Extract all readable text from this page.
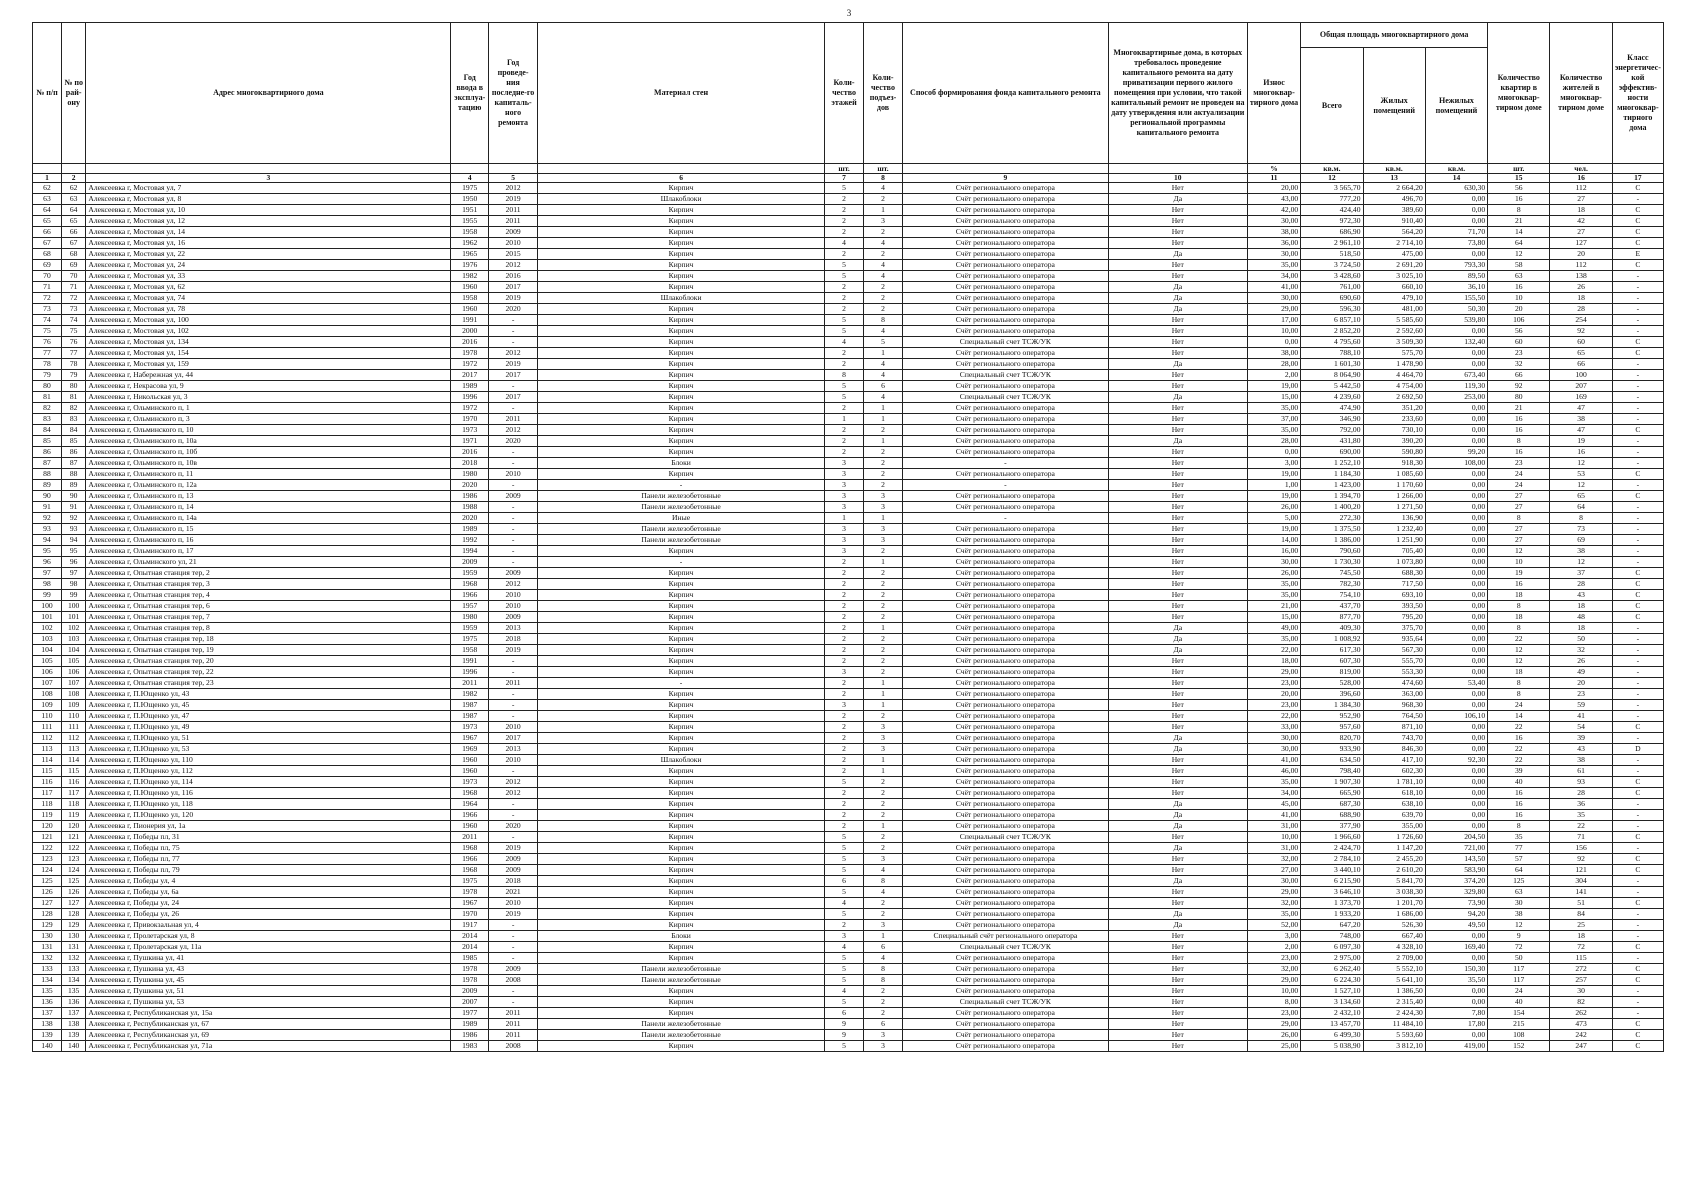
3
№ п/п	№ по рай-ону	Адрес многоквартирного дома	Год ввода в эксплуа-тацию	Год проведе-ния последне-го капиталь-ного ремонта	Материал стен	Коли-чество этажей	Коли-чество подъез-дов	Способ формирования фонда капитального ремонта	Многоквартирные дома, в которых требовалось проведение капитального ремонта на дату приватизации первого жилого помещения при условии, что такой капитальный ремонт не проведен на дату утверждения или актуализации региональной программы капитального ремонта	Износ многоквар-тирного дома	Общая площадь многоквартирного дома			Количество квартир в многоквар-тирном доме	Количество жителей в многоквар-тирном доме	Класс энергетичес-кой эффектив-ности многоквар-тирного дома
											Всего	Жилых помещений	Нежилых помещений			
						шт.	шт.			%	кв.м.	кв.м.	кв.м.	шт.	чел.	
1	2	3	4	5	6	7	8	9	10	11	12	13	14	15	16	17
62	62	Алексеевка г, Мостовая ул, 7	1975	2012	Кирпич	5	4	Счёт регионального оператора	Нет	20,00	3 565,70	2 664,20	630,30	56	112	С
63	63	Алексеевка г, Мостовая ул, 8	1950	2019	Шлакоблоки	2	2	Счёт регионального оператора	Да	43,00	777,20	496,70	0,00	16	27	-
64	64	Алексеевка г, Мостовая ул, 10	1951	2011	Кирпич	2	1	Счёт регионального оператора	Нет	42,00	424,40	389,60	0,00	8	18	С
65	65	Алексеевка г, Мостовая ул, 12	1955	2011	Кирпич	2	3	Счёт регионального оператора	Нет	30,00	972,30	910,40	0,00	21	42	С
66	66	Алексеевка г, Мостовая ул, 14	1958	2009	Кирпич	2	2	Счёт регионального оператора	Нет	38,00	686,90	564,20	71,70	14	27	С
67	67	Алексеевка г, Мостовая ул, 16	1962	2010	Кирпич	4	4	Счёт регионального оператора	Нет	36,00	2 961,10	2 714,10	73,80	64	127	С
68	68	Алексеевка г, Мостовая ул, 22	1965	2015	Кирпич	2	2	Счёт регионального оператора	Да	30,00	518,50	475,00	0,00	12	20	Е
69	69	Алексеевка г, Мостовая ул, 24	1976	2012	Кирпич	5	4	Счёт регионального оператора	Нет	35,00	3 724,50	2 691,20	793,30	58	112	С
70	70	Алексеевка г, Мостовая ул, 33	1982	2016	Кирпич	5	4	Счёт регионального оператора	Нет	34,00	3 428,60	3 025,10	89,50	63	138	-
71	71	Алексеевка г, Мостовая ул, 62	1960	2017	Кирпич	2	2	Счёт регионального оператора	Да	41,00	761,00	660,10	36,10	16	26	-
72	72	Алексеевка г, Мостовая ул, 74	1958	2019	Шлакоблоки	2	2	Счёт регионального оператора	Да	30,00	690,60	479,10	155,50	10	18	-
73	73	Алексеевка г, Мостовая ул, 78	1960	2020	Кирпич	2	2	Счёт регионального оператора	Да	29,00	596,30	481,00	50,30	20	28	-
74	74	Алексеевка г, Мостовая ул, 100	1991	-	Кирпич	5	8	Счёт регионального оператора	Нет	17,00	6 857,10	5 585,60	539,80	106	254	-
75	75	Алексеевка г, Мостовая ул, 102	2000	-	Кирпич	5	4	Счёт регионального оператора	Нет	10,00	2 852,20	2 592,60	0,00	56	92	-
76	76	Алексеевка г, Мостовая ул, 134	2016	-	Кирпич	4	5	Специальный счет ТСЖ/УК	Нет	0,00	4 795,60	3 509,30	132,40	60	60	С
77	77	Алексеевка г, Мостовая ул, 154	1978	2012	Кирпич	2	1	Счёт регионального оператора	Нет	38,00	788,10	575,70	0,00	23	65	С
78	78	Алексеевка г, Мостовая ул, 159	1972	2019	Кирпич	2	4	Счёт регионального оператора	Да	28,00	1 601,30	1 478,90	0,00	32	66	-
79	79	Алексеевка г, Набережная ул, 44	2017	2017	Кирпич	8	4	Специальный счет ТСЖ/УК	Нет	2,00	8 064,90	4 464,70	673,40	66	100	-
80	80	Алексеевка г, Некрасова ул, 9	1989	-	Кирпич	5	6	Счёт регионального оператора	Нет	19,00	5 442,50	4 754,00	119,30	92	207	-
81	81	Алексеевка г, Никольская ул, 3	1996	2017	Кирпич	5	4	Специальный счет ТСЖ/УК	Да	15,00	4 239,60	2 692,50	253,00	80	169	-
82	82	Алексеевка г, Ольминского п, 1	1972	-	Кирпич	2	1	Счёт регионального оператора	Нет	35,00	474,90	351,20	0,00	21	47	-
83	83	Алексеевка г, Ольминского п, 3	1970	2011	Кирпич	1	1	Счёт регионального оператора	Нет	37,00	346,90	233,60	0,00	16	38	-
84	84	Алексеевка г, Ольминского п, 10	1973	2012	Кирпич	2	2	Счёт регионального оператора	Нет	35,00	792,00	730,10	0,00	16	47	С
85	85	Алексеевка г, Ольминского п, 10а	1971	2020	Кирпич	2	1	Счёт регионального оператора	Да	28,00	431,80	390,20	0,00	8	19	-
86	86	Алексеевка г, Ольминского п, 10б	2016	-	Кирпич	2	2	Счёт регионального оператора	Нет	0,00	690,00	590,80	99,20	16	16	-
87	87	Алексеевка г, Ольминского п, 10в	2018	-	Блоки	3	2	-	Нет	3,00	1 252,10	918,30	108,00	23	12	-
88	88	Алексеевка г, Ольминского п, 11	1980	2010	Кирпич	3	2	Счёт регионального оператора	Нет	19,00	1 184,30	1 085,60	0,00	24	53	С
89	89	Алексеевка г, Ольминского п, 12а	2020	-	-	3	2	-	Нет	1,00	1 423,00	1 170,60	0,00	24	12	-
90	90	Алексеевка г, Ольминского п, 13	1986	2009	Панели железобетонные	3	3	Счёт регионального оператора	Нет	19,00	1 394,70	1 266,00	0,00	27	65	С
91	91	Алексеевка г, Ольминского п, 14	1988	-	Панели железобетонные	3	3	Счёт регионального оператора	Нет	26,00	1 400,20	1 271,50	0,00	27	64	-
92	92	Алексеевка г, Ольминского п, 14а	2020	-	Иные	1	1	-	Нет	5,00	272,30	136,90	0,00	8	8	-
93	93	Алексеевка г, Ольминского п, 15	1989	-	Панели железобетонные	3	3	Счёт регионального оператора	Нет	19,00	1 375,50	1 232,40	0,00	27	73	-
94	94	Алексеевка г, Ольминского п, 16	1992	-	Панели железобетонные	3	3	Счёт регионального оператора	Нет	14,00	1 386,00	1 251,90	0,00	27	69	-
95	95	Алексеевка г, Ольминского п, 17	1994	-	Кирпич	3	2	Счёт регионального оператора	Нет	16,00	790,60	705,40	0,00	12	38	-
96	96	Алексеевка г, Ольминского ул, 21	2009	-	-	2	1	Счёт регионального оператора	Нет	30,00	1 730,30	1 073,80	0,00	10	12	-
97	97	Алексеевка г, Опытная станция тер, 2	1959	2009	Кирпич	2	2	Счёт регионального оператора	Нет	26,00	745,50	688,30	0,00	19	37	С
98	98	Алексеевка г, Опытная станция тер, 3	1968	2012	Кирпич	2	2	Счёт регионального оператора	Нет	35,00	782,30	717,50	0,00	16	28	С
99	99	Алексеевка г, Опытная станция тер, 4	1966	2010	Кирпич	2	2	Счёт регионального оператора	Нет	35,00	754,10	693,10	0,00	18	43	С
100	100	Алексеевка г, Опытная станция тер, 6	1957	2010	Кирпич	2	2	Счёт регионального оператора	Нет	21,00	437,70	393,50	0,00	8	18	С
101	101	Алексеевка г, Опытная станция тер, 7	1980	2009	Кирпич	2	2	Счёт регионального оператора	Нет	15,00	877,70	795,20	0,00	18	48	С
102	102	Алексеевка г, Опытная станция тер, 8	1959	2013	Кирпич	2	1	Счёт регионального оператора	Да	49,00	409,30	375,70	0,00	8	18	-
103	103	Алексеевка г, Опытная станция тер, 18	1975	2018	Кирпич	2	2	Счёт регионального оператора	Да	35,00	1 008,92	935,64	0,00	22	50	-
104	104	Алексеевка г, Опытная станция тер, 19	1958	2019	Кирпич	2	2	Счёт регионального оператора	Да	22,00	617,30	567,30	0,00	12	32	-
105	105	Алексеевка г, Опытная станция тер, 20	1991	-	Кирпич	2	2	Счёт регионального оператора	Нет	18,00	607,30	555,70	0,00	12	26	-
106	106	Алексеевка г, Опытная станция тер, 22	1996	-	Кирпич	3	2	Счёт регионального оператора	Нет	29,00	819,00	553,30	0,00	18	49	-
107	107	Алексеевка г, Опытная станция тер, 23	2011	2011	-	2	1	Счёт регионального оператора	Нет	23,00	528,00	474,60	53,40	8	20	-
108	108	Алексеевка г, П.Ющенко ул, 43	1982	-	Кирпич	2	1	Счёт регионального оператора	Нет	20,00	396,60	363,00	0,00	8	23	-
109	109	Алексеевка г, П.Ющенко ул, 45	1987	-	Кирпич	3	1	Счёт регионального оператора	Нет	23,00	1 384,30	968,30	0,00	24	59	-
110	110	Алексеевка г, П.Ющенко ул, 47	1987	-	Кирпич	2	2	Счёт регионального оператора	Нет	22,00	952,90	764,50	106,10	14	41	-
111	111	Алексеевка г, П.Ющенко ул, 49	1973	2010	Кирпич	2	3	Счёт регионального оператора	Нет	33,00	957,60	871,10	0,00	22	54	С
112	112	Алексеевка г, П.Ющенко ул, 51	1967	2017	Кирпич	2	3	Счёт регионального оператора	Да	30,00	820,70	743,70	0,00	16	39	-
113	113	Алексеевка г, П.Ющенко ул, 53	1969	2013	Кирпич	2	3	Счёт регионального оператора	Да	30,00	933,90	846,30	0,00	22	43	D
114	114	Алексеевка г, П.Ющенко ул, 110	1960	2010	Шлакоблоки	2	1	Счёт регионального оператора	Нет	41,00	634,50	417,10	92,30	22	38	-
115	115	Алексеевка г, П.Ющенко ул, 112	1960	-	Кирпич	2	1	Счёт регионального оператора	Нет	46,00	798,40	602,30	0,00	39	61	-
116	116	Алексеевка г, П.Ющенко ул, 114	1973	2012	Кирпич	5	2	Счёт регионального оператора	Нет	35,00	1 907,30	1 781,10	0,00	40	93	С
117	117	Алексеевка г, П.Ющенко ул, 116	1968	2012	Кирпич	2	2	Счёт регионального оператора	Нет	34,00	665,90	618,10	0,00	16	28	С
118	118	Алексеевка г, П.Ющенко ул, 118	1964	-	Кирпич	2	2	Счёт регионального оператора	Да	45,00	687,30	638,10	0,00	16	36	-
119	119	Алексеевка г, П.Ющенко ул, 120	1966	-	Кирпич	2	2	Счёт регионального оператора	Да	41,00	688,90	639,70	0,00	16	35	-
120	120	Алексеевка г, Пионерия ул, 1а	1960	2020	Кирпич	2	1	Счёт регионального оператора	Да	31,00	377,90	355,00	0,00	8	22	-
121	121	Алексеевка г, Победы пл, 31	2011	-	Кирпич	5	2	Специальный счет ТСЖ/УК	Нет	10,00	1 966,60	1 726,60	204,50	35	71	С
122	122	Алексеевка г, Победы пл, 75	1968	2019	Кирпич	5	2	Счёт регионального оператора	Да	31,00	2 424,70	1 147,20	721,00	77	156	-
123	123	Алексеевка г, Победы пл, 77	1966	2009	Кирпич	5	3	Счёт регионального оператора	Нет	32,00	2 784,10	2 455,20	143,50	57	92	С
124	124	Алексеевка г, Победы пл, 79	1968	2009	Кирпич	5	4	Счёт регионального оператора	Нет	27,00	3 440,10	2 610,20	583,90	64	121	С
125	125	Алексеевка г, Победы ул, 4	1975	2018	Кирпич	6	8	Счёт регионального оператора	Да	30,00	6 215,90	5 841,70	374,20	125	304	-
126	126	Алексеевка г, Победы ул, 6а	1978	2021	Кирпич	5	4	Счёт регионального оператора	Нет	29,00	3 646,10	3 038,30	329,80	63	141	-
127	127	Алексеевка г, Победы ул, 24	1967	2010	Кирпич	4	2	Счёт регионального оператора	Нет	32,00	1 373,70	1 201,70	73,90	30	51	С
128	128	Алексеевка г, Победы ул, 26	1970	2019	Кирпич	5	2	Счёт регионального оператора	Да	35,00	1 933,20	1 686,00	94,20	38	84	-
129	129	Алексеевка г, Привокзальная ул, 4	1917	-	Кирпич	2	3	Счёт регионального оператора	Да	52,00	647,20	526,30	49,50	12	25	-
130	130	Алексеевка г, Пролетарская ул, 8	2014	-	Блоки	3	1	Специальный счёт регионального оператора	Нет	3,00	748,00	667,40	0,00	9	18	-
131	131	Алексеевка г, Пролетарская ул, 11а	2014	-	Кирпич	4	6	Специальный счет ТСЖ/УК	Нет	2,00	6 097,30	4 328,10	169,40	72	72	С
132	132	Алексеевка г, Пушкина ул, 41	1985	-	Кирпич	5	4	Счёт регионального оператора	Нет	23,00	2 975,00	2 709,00	0,00	50	115	-
133	133	Алексеевка г, Пушкина ул, 43	1978	2009	Панели железобетонные	5	8	Счёт регионального оператора	Нет	32,00	6 262,40	5 552,10	150,30	117	272	С
134	134	Алексеевка г, Пушкина ул, 45	1978	2008	Панели железобетонные	5	8	Счёт регионального оператора	Нет	29,00	6 224,30	5 641,10	35,50	117	257	С
135	135	Алексеевка г, Пушкина ул, 51	2009	-	Кирпич	4	2	Счёт регионального оператора	Нет	10,00	1 527,10	1 386,50	0,00	24	30	-
136	136	Алексеевка г, Пушкина ул, 53	2007	-	Кирпич	5	2	Специальный счет ТСЖ/УК	Нет	8,00	3 134,60	2 315,40	0,00	40	82	-
137	137	Алексеевка г, Республиканская ул, 15а	1977	2011	Кирпич	6	2	Счёт регионального оператора	Нет	23,00	2 432,10	2 424,30	7,80	154	262	-
138	138	Алексеевка г, Республиканская ул, 67	1989	2011	Панели железобетонные	9	6	Счёт регионального оператора	Нет	29,00	13 457,70	11 484,10	17,80	215	473	С
139	139	Алексеевка г, Республиканская ул, 69	1986	2011	Панели железобетонные	9	3	Счёт регионального оператора	Нет	26,00	6 499,30	5 593,60	0,00	108	242	С
140	140	Алексеевка г, Республиканская ул, 71а	1983	2008	Кирпич	5	3	Счёт регионального оператора	Нет	25,00	5 038,90	3 812,10	419,00	152	247	С
